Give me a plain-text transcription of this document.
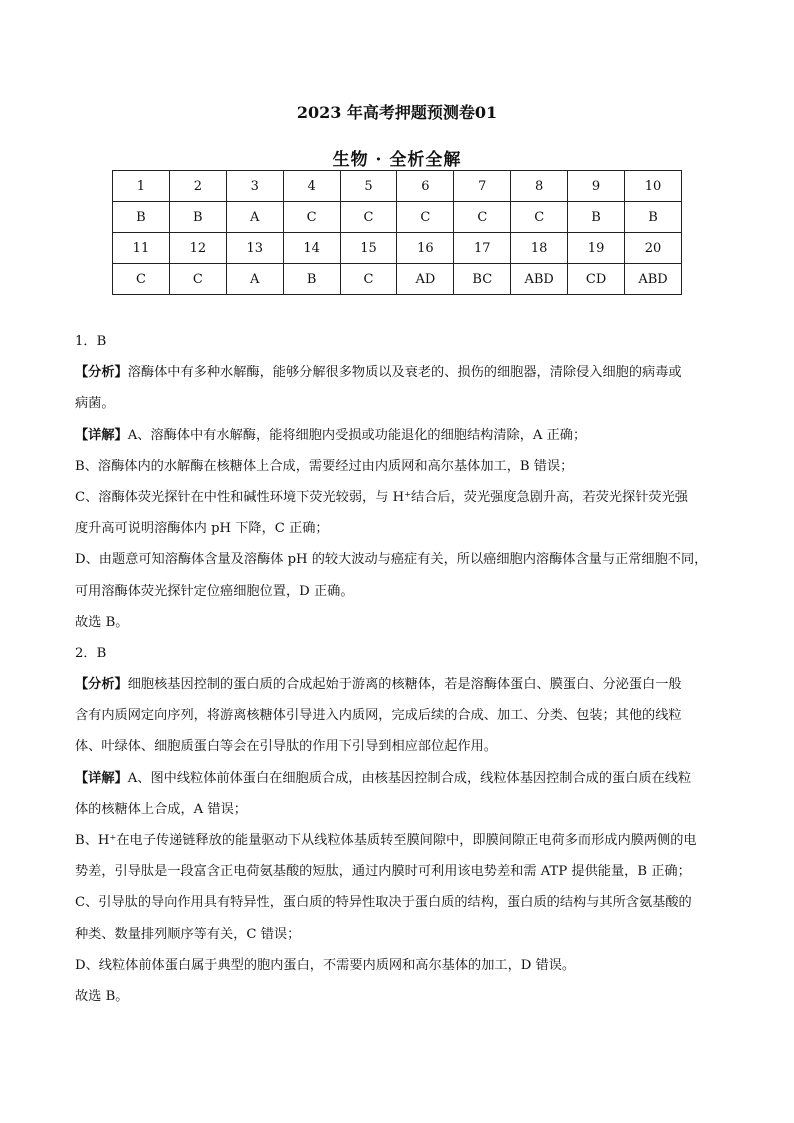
2023 年高考押题预测卷01
生物 · 全析全解
1	2	3	4	5	6	7	8	9	10
B	B	A	C	C	C	C	C	B	B
11	12	13	14	15	16	17	18	19	20
C	C	A	B	C	AD	BC	ABD	CD	ABD
1．B
【分析】溶酶体中有多种水解酶，能够分解很多物质以及衰老的、损伤的细胞器，清除侵入细胞的病毒或
病菌。
【详解】A、溶酶体中有水解酶，能将细胞内受损或功能退化的细胞结构清除，A 正确；
B、溶酶体内的水解酶在核糖体上合成，需要经过由内质网和高尔基体加工，B 错误；
C、溶酶体荧光探针在中性和碱性环境下荧光较弱，与 H⁺结合后，荧光强度急剧升高，若荧光探针荧光强
度升高可说明溶酶体内 pH 下降，C 正确；
D、由题意可知溶酶体含量及溶酶体 pH 的较大波动与癌症有关，所以癌细胞内溶酶体含量与正常细胞不同，
可用溶酶体荧光探针定位癌细胞位置，D 正确。
故选 B。
2．B
【分析】细胞核基因控制的蛋白质的合成起始于游离的核糖体，若是溶酶体蛋白、膜蛋白、分泌蛋白一般
含有内质网定向序列，将游离核糖体引导进入内质网，完成后续的合成、加工、分类、包装；其他的线粒
体、叶绿体、细胞质蛋白等会在引导肽的作用下引导到相应部位起作用。
【详解】A、图中线粒体前体蛋白在细胞质合成，由核基因控制合成，线粒体基因控制合成的蛋白质在线粒
体的核糖体上合成，A 错误；
B、H⁺在电子传递链释放的能量驱动下从线粒体基质转至膜间隙中，即膜间隙正电荷多而形成内膜两侧的电
势差，引导肽是一段富含正电荷氨基酸的短肽，通过内膜时可利用该电势差和需 ATP 提供能量，B 正确；
C、引导肽的导向作用具有特异性，蛋白质的特异性取决于蛋白质的结构，蛋白质的结构与其所含氨基酸的
种类、数量排列顺序等有关，C 错误；
D、线粒体前体蛋白属于典型的胞内蛋白，不需要内质网和高尔基体的加工，D 错误。
故选 B。
